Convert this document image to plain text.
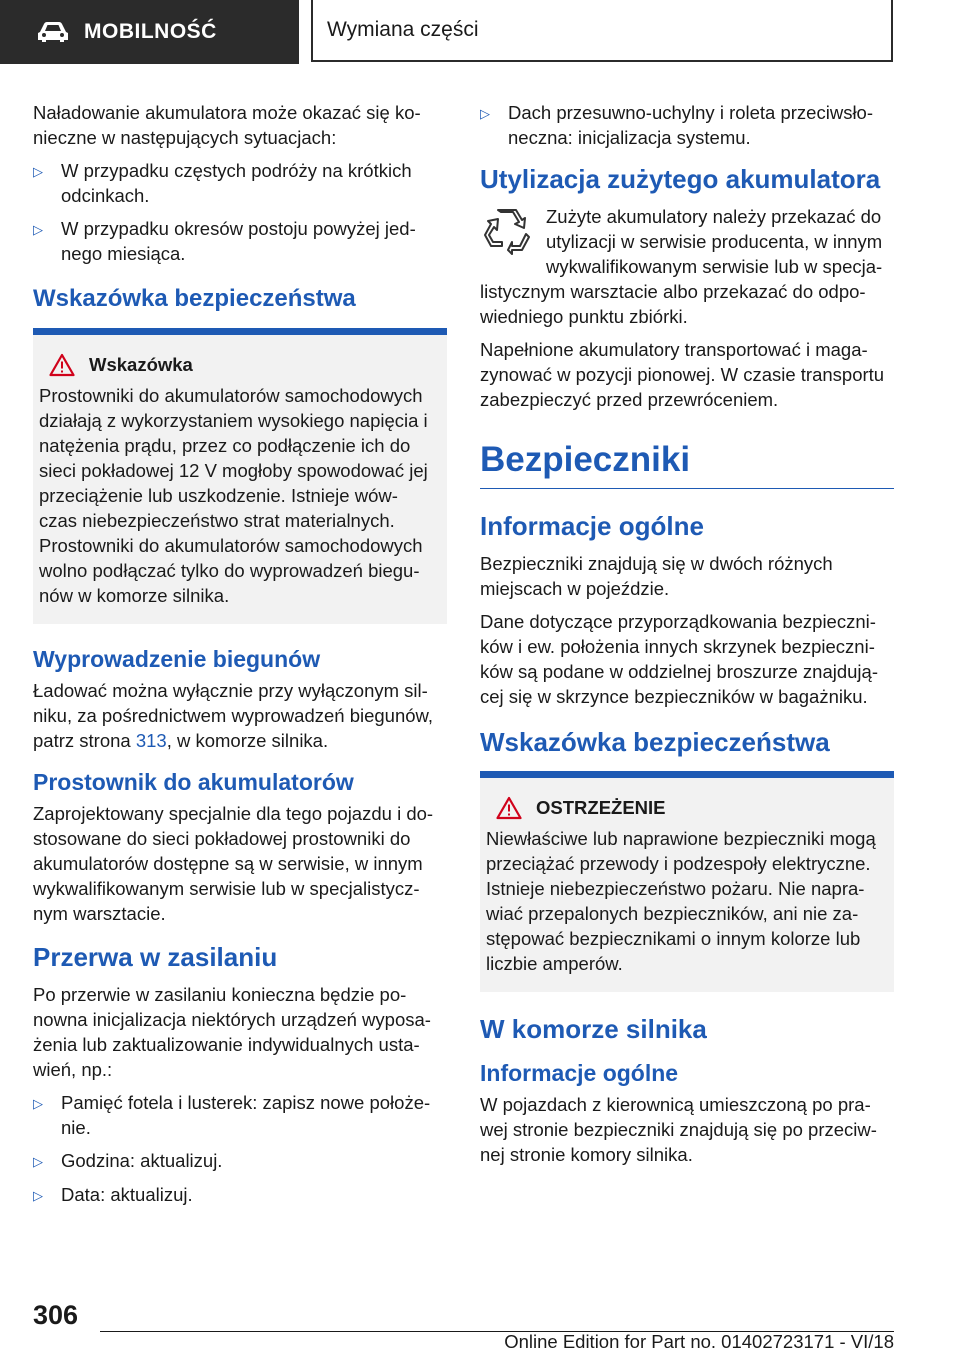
MOBILNOŚĆ	Wymiana części

Naładowanie akumulatora może okazać się ko- nieczne w następujących sytuacjach:

▷ W przypadku częstych podróży na krótkich odcinkach.
▷ W przypadku okresów postoju powyżej jed- nego miesiąca.
Wskazówka bezpieczeństwa
Wskazówka

Prostowniki do akumulatorów samochodowych działają z wykorzystaniem wysokiego napięcia i natężenia prądu, przez co podłączenie ich do sieci pokładowej 12 V mogłoby spowodować jej przeciążenie lub uszkodzenie. Istnieje wów- czas niebezpieczeństwo strat materialnych. Prostowniki do akumulatorów samochodowych wolno podłączać tylko do wyprowadzeń biegu- nów w komorze silnika.

Wyprowadzenie biegunów

Ładować można wyłącznie przy wyłączonym sil- niku, za pośrednictwem wyprowadzeń biegunów, patrz strona 313, w komorze silnika.

Prostownik do akumulatorów

Zaprojektowany specjalnie dla tego pojazdu i do- stosowane do sieci pokładowej prostowniki do akumulatorów dostępne są w serwisie, w innym wykwalifikowanym serwisie lub w specjalistycz- nym warsztacie.

Przerwa w zasilaniu

Po przerwie w zasilaniu konieczna będzie po- nowna inicjalizacja niektórych urządzeń wyposa- żenia lub zaktualizowanie indywidualnych usta- wień, np.:

▷ Pamięć fotela i lusterek: zapisz nowe położe- nie.
▷ Godzina: aktualizuj.
▷ Data: aktualizuj.
▷ Dach przesuwno-uchylny i roleta przeciwsło- neczna: inicjalizacja systemu.
Utylizacja zużytego akumulatora

Zużyte akumulatory należy przekazać do utylizacji w serwisie producenta, w innym wykwalifikowanym serwisie lub w specja- listycznym warsztacie albo przekazać do odpo- wiedniego punktu zbiórki.

Napełnione akumulatory transportować i maga- zynować w pozycji pionowej. W czasie transportu zabezpieczyć przed przewróceniem.

Bezpieczniki
Informacje ogólne

Bezpieczniki znajdują się w dwóch różnych miejscach w pojeździe.

Dane dotyczące przyporządkowania bezpieczni- ków i ew. położenia innych skrzynek bezpieczni- ków są podane w oddzielnej broszurze znajdują- cej się w skrzynce bezpieczników w bagażniku.

Wskazówka bezpieczeństwa
OSTRZEŻENIE

Niewłaściwe lub naprawione bezpieczniki mogą przeciążać przewody i podzespoły elektryczne. Istnieje niebezpieczeństwo pożaru. Nie napra- wiać przepalonych bezpieczników, ani nie za- stępować bezpiecznikami o innym kolorze lub liczbie amperów.

W komorze silnika
Informacje ogólne

W pojazdach z kierownicą umieszczoną po pra- wej stronie bezpieczniki znajdują się po przeciw- nej stronie komory silnika.

306
Online Edition for Part no. 01402723171 - VI/18
